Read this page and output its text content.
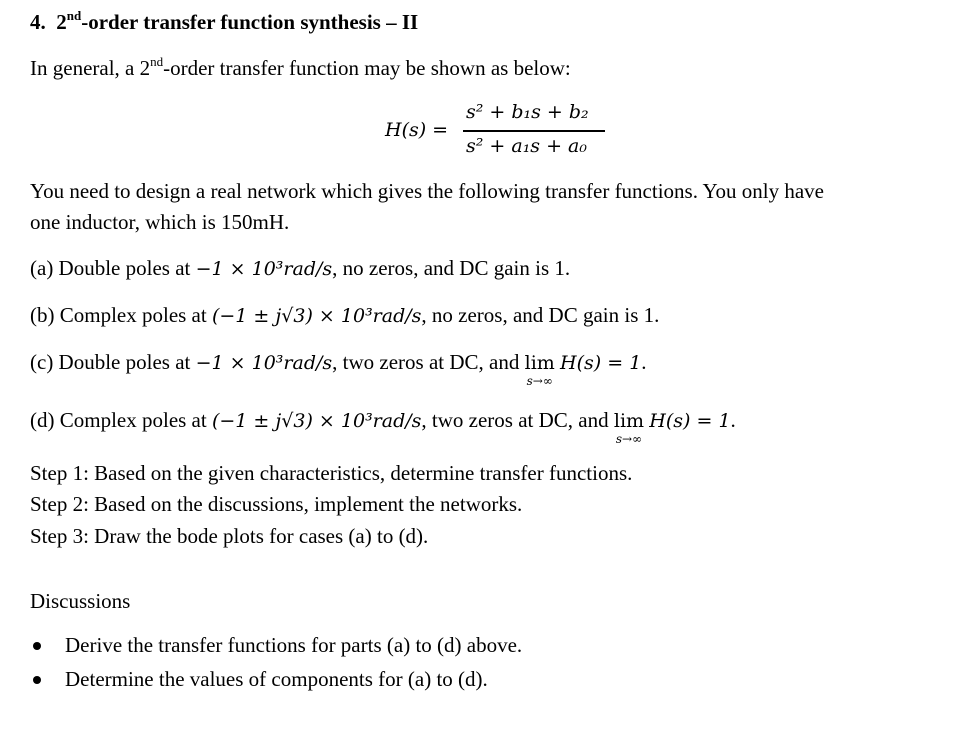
4. 2nd-order transfer function synthesis – II
In general, a 2nd-order transfer function may be shown as below:
H(s) =
s² + b₁s + b₂
s² + a₁s + a₀
You need to design a real network which gives the following transfer functions. You only have
one inductor, which is 150mH.
(a) Double poles at −1 × 10³rad/s, no zeros, and DC gain is 1.
(b) Complex poles at (−1 ± j√3) × 10³rad/s, no zeros, and DC gain is 1.
(c) Double poles at −1 × 10³rad/s, two zeros at DC, and lim
s→∞
H(s) = 1.
(d) Complex poles at (−1 ± j√3) × 10³rad/s, two zeros at DC, and lim
s→∞
H(s) = 1.
Step 1: Based on the given characteristics, determine transfer functions.
Step 2: Based on the discussions, implement the networks.
Step 3: Draw the bode plots for cases (a) to (d).
Discussions
Derive the transfer functions for parts (a) to (d) above.
Determine the values of components for (a) to (d).
